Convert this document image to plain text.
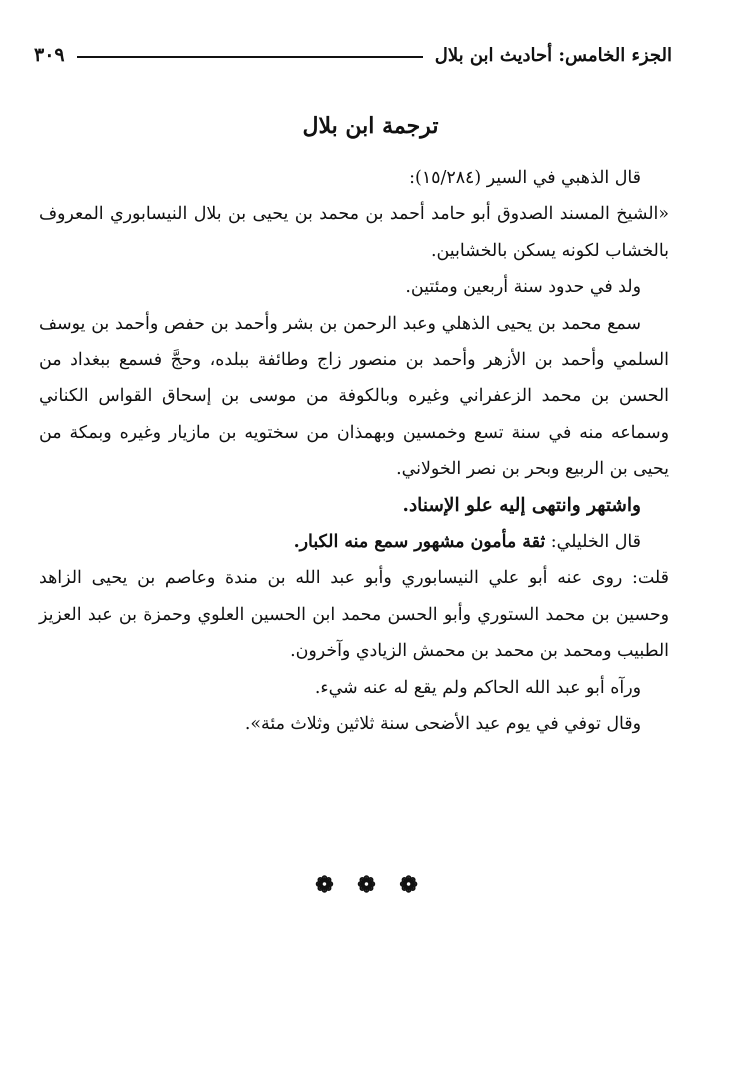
الجزء الخامس: أحاديث ابن بلال
٣٠٩
ترجمة ابن بلال

قال الذهبي في السير (١٥/٢٨٤):

«الشيخ المسند الصدوق أبو حامد أحمد بن محمد بن يحيى بن بلال النيسابوري المعروف بالخشاب لكونه يسكن بالخشابين.

ولد في حدود سنة أربعين ومئتين.

سمع محمد بن يحيى الذهلي وعبد الرحمن بن بشر وأحمد بن حفص وأحمد بن يوسف السلمي وأحمد بن الأزهر وأحمد بن منصور زاج وطائفة ببلده، وحجَّ فسمع ببغداد من الحسن بن محمد الزعفراني وغيره وبالكوفة من موسى بن إسحاق القواس الكناني وسماعه منه في سنة تسع وخمسين وبهمذان من سختويه بن مازيار وغيره وبمكة من يحيى بن الربيع وبحر بن نصر الخولاني.

واشتهر وانتهى إليه علو الإسناد.

قال الخليلي: ثقة مأمون مشهور سمع منه الكبار.

قلت: روى عنه أبو علي النيسابوري وأبو عبد الله بن مندة وعاصم بن يحيى الزاهد وحسين بن محمد الستوري وأبو الحسن محمد ابن الحسين العلوي وحمزة بن عبد العزيز الطبيب ومحمد بن محمد بن محمش الزيادي وآخرون.

ورآه أبو عبد الله الحاكم ولم يقع له عنه شيء.

وقال توفي في يوم عيد الأضحى سنة ثلاثين وثلاث مئة».

❁ ❁ ❁
